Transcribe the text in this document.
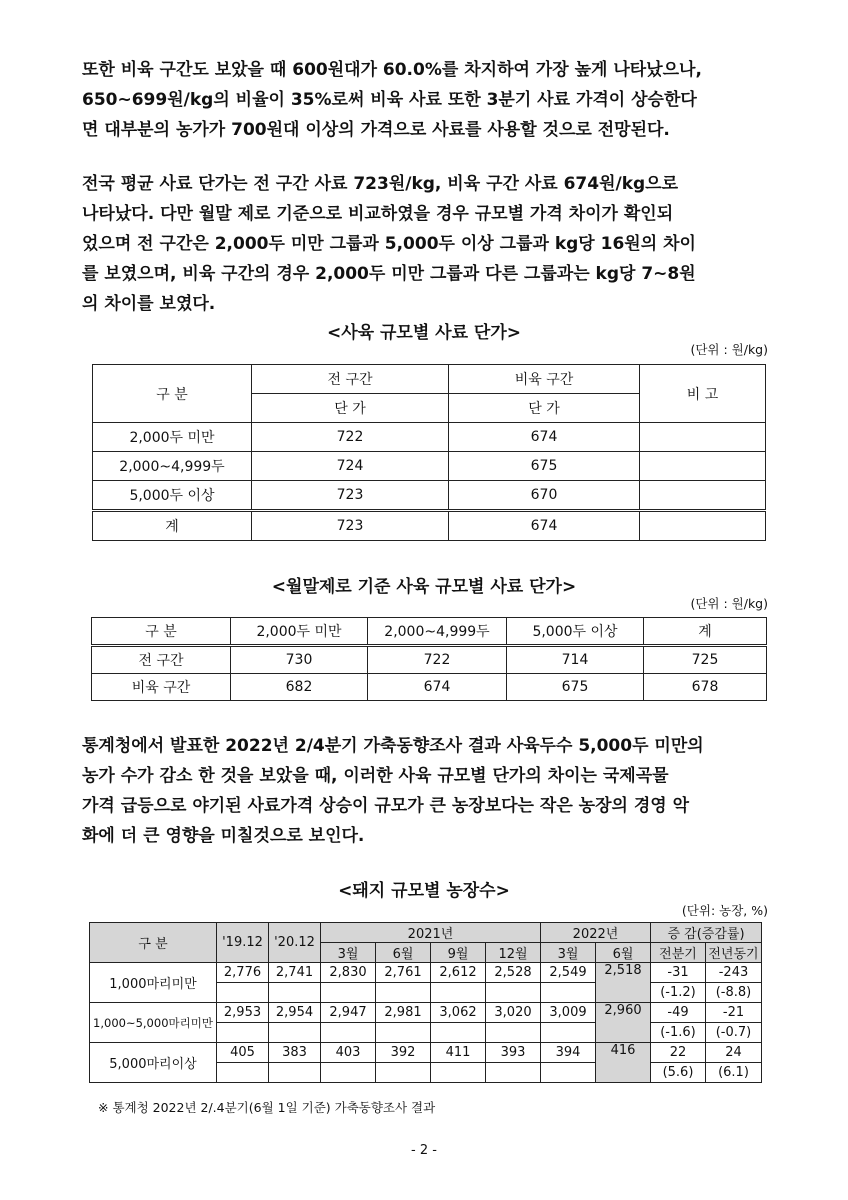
또한 비육 구간도 보았을 때 600원대가 60.0%를 차지하여 가장 높게 나타났으나,
650~699원/kg의 비율이 35%로써 비육 사료 또한 3분기 사료 가격이 상승한다
면 대부분의 농가가 700원대 이상의 가격으로 사료를 사용할 것으로 전망된다.
전국 평균 사료 단가는 전 구간 사료 723원/kg, 비육 구간 사료 674원/kg으로
나타났다. 다만 월말 제로 기준으로 비교하였을 경우 규모별 가격 차이가 확인되
었으며 전 구간은 2,000두 미만 그룹과 5,000두 이상 그룹과 kg당 16원의 차이
를 보였으며, 비육 구간의 경우 2,000두 미만 그룹과 다른 그룹과는 kg당 7~8원
의 차이를 보였다.

<사육 규모별 사료 단가>

(단위 : 원/kg)

구 분	전 구간	비육 구간	비 고
	단 가	단 가	
2,000두 미만	722	674	
2,000~4,999두	724	675	
5,000두 이상	723	670	
계	723	674	

<월말제로 기준 사육 규모별 사료 단가>

(단위 : 원/kg)

구 분	2,000두 미만	2,000~4,999두	5,000두 이상	계
전 구간	730	722	714	725
비육 구간	682	674	675	678
통계청에서 발표한 2022년 2/4분기 가축동향조사 결과 사육두수 5,000두 미만의
농가 수가 감소 한 것을 보았을 때, 이러한 사육 규모별 단가의 차이는 국제곡물
가격 급등으로 야기된 사료가격 상승이 규모가 큰 농장보다는 작은 농장의 경영 악
화에 더 큰 영향을 미칠것으로 보인다.

<돼지 규모별 농장수>

(단위: 농장, %)

구 분	'19.12	'20.12	2021년				2022년		증 감(증감률)	
			3월	6월	9월	12월	3월	6월	전분기	전년동기
1,000마리미만	2,776	2,741	2,830	2,761	2,612	2,528	2,549	2,518	-31	-243
									(-1.2)	(-8.8)
1,000~5,000마리미만	2,953	2,954	2,947	2,981	3,062	3,020	3,009	2,960	-49	-21
									(-1.6)	(-0.7)
5,000마리이상	405	383	403	392	411	393	394	416	22	24
									(5.6)	(6.1)

※ 통계청 2022년 2/.4분기(6월 1일 기준) 가축동향조사 결과

- 2 -
